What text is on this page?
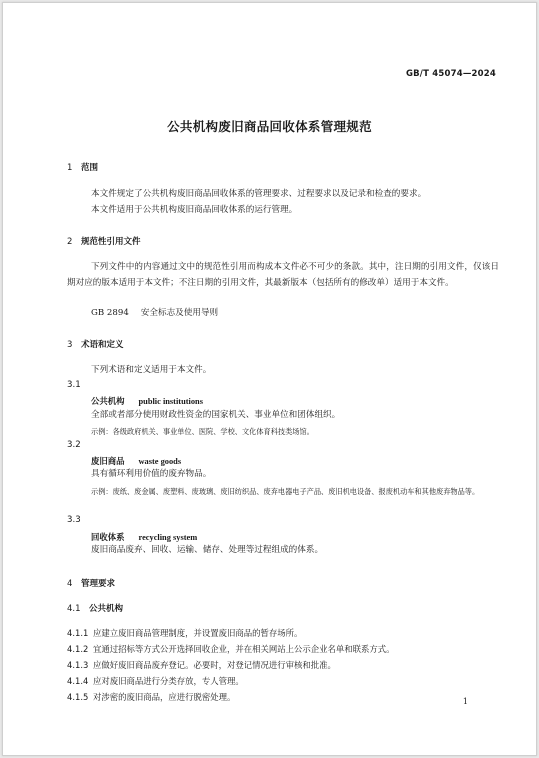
GB/T 45074—2024
公共机构废旧商品回收体系管理规范
1 范围
本文件规定了公共机构废旧商品回收体系的管理要求、过程要求以及记录和检查的要求。
本文件适用于公共机构废旧商品回收体系的运行管理。
2 规范性引用文件
下列文件中的内容通过文中的规范性引用而构成本文件必不可少的条款。其中，注日期的引用文件，仅该日期对应的版本适用于本文件；不注日期的引用文件，其最新版本（包括所有的修改单）适用于本文件。
GB 2894 安全标志及使用导则
3 术语和定义
下列术语和定义适用于本文件。
3.1
公共机构 public institutions
全部或者部分使用财政性资金的国家机关、事业单位和团体组织。
示例：各级政府机关、事业单位、医院、学校、文化体育科技类场馆。
3.2
废旧商品 waste goods
具有循环利用价值的废弃物品。
示例：废纸、废金属、废塑料、废玻璃、废旧纺织品、废弃电器电子产品、废旧机电设备、报废机动车和其他废弃物品等。
3.3
回收体系 recycling system
废旧商品废弃、回收、运输、储存、处理等过程组成的体系。
4 管理要求
4.1 公共机构
4.1.1 应建立废旧商品管理制度，并设置废旧商品的暂存场所。
4.1.2 宜通过招标等方式公开选择回收企业，并在相关网站上公示企业名单和联系方式。
4.1.3 应做好废旧商品废弃登记。必要时，对登记情况进行审核和批准。
4.1.4 应对废旧商品进行分类存放，专人管理。
4.1.5 对涉密的废旧商品，应进行脱密处理。	1
